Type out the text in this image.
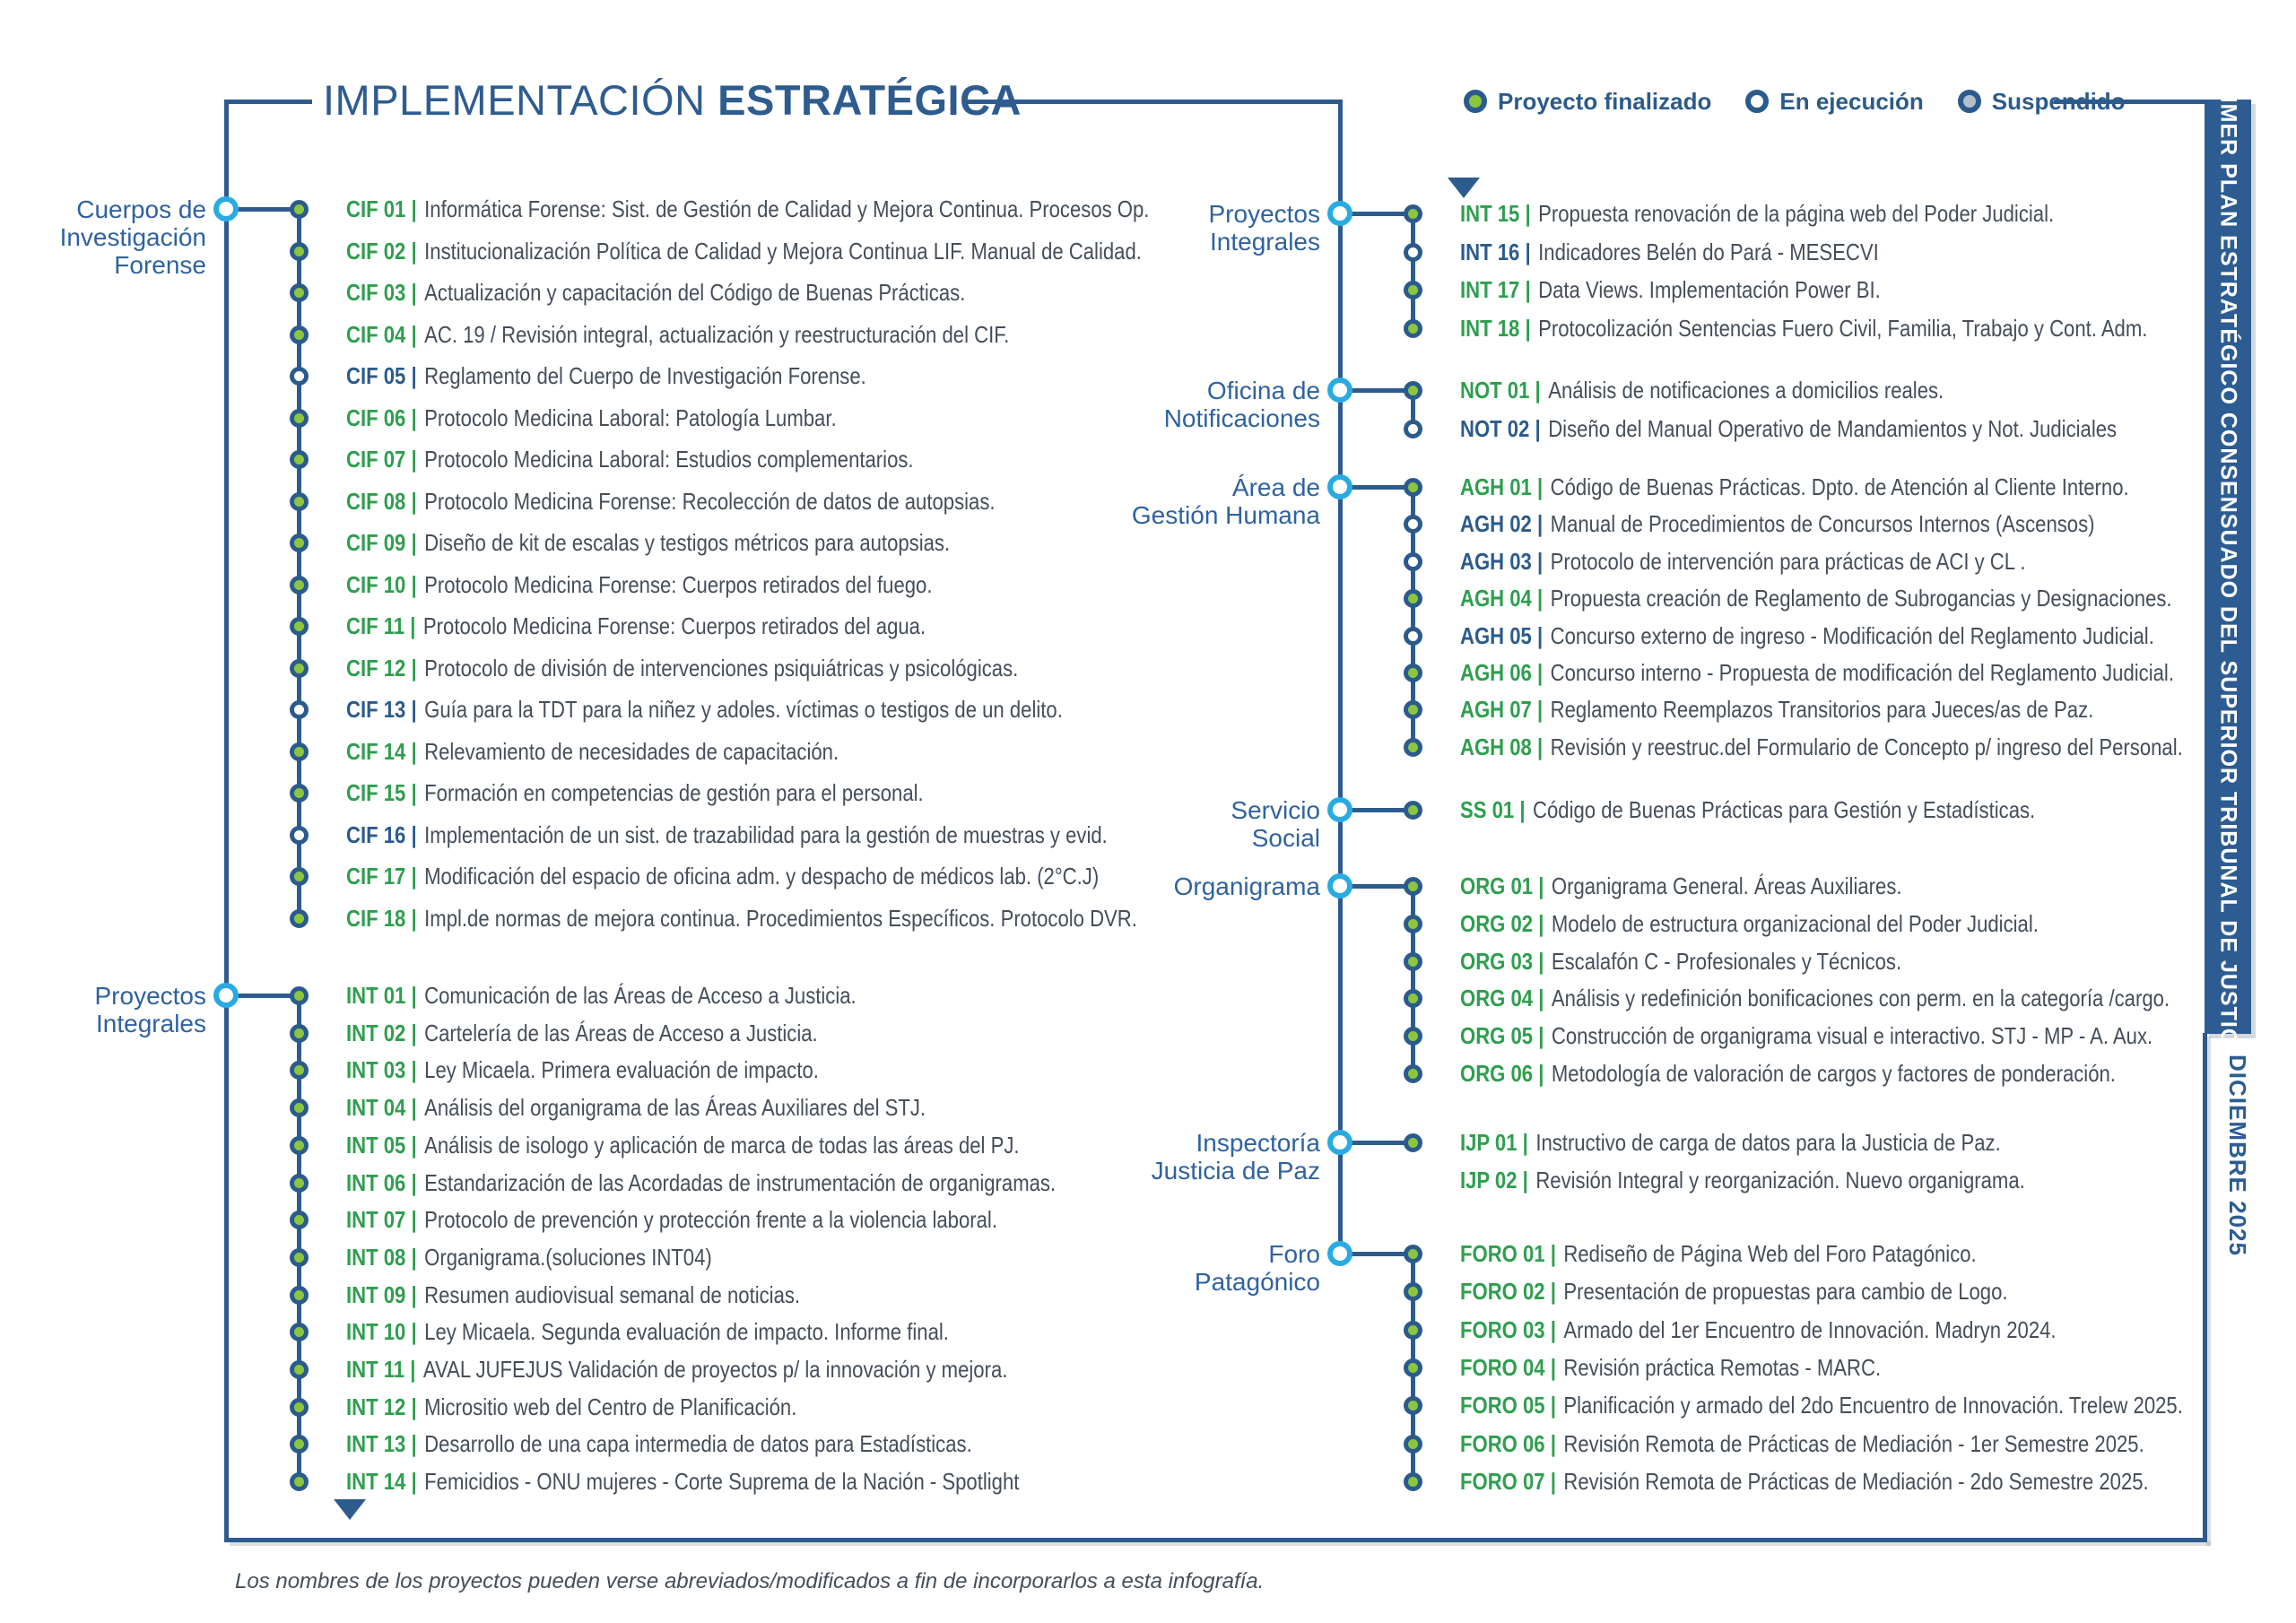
IMPLEMENTACIÓN ESTRATÉGICA	Proyecto finalizado	En ejecución	Suspendido	PRIMER PLAN ESTRATÉGICO CONSENSUADO DEL SUPERIOR TRIBUNAL DE JUSTICIA
DICIEMBRE 2025
Los nombres de los proyectos pueden verse abreviados/modificados a fin de incorporarlos a esta infografía.
Cuerpos de
Investigación
Forense
CIF 01 | Informática Forense: Sist. de Gestión de Calidad y Mejora Continua. Procesos Op.
CIF 02 | Institucionalización Política de Calidad y Mejora Continua LIF. Manual de Calidad.
CIF 03 | Actualización y capacitación del Código de Buenas Prácticas.
CIF 04 | AC. 19 / Revisión integral, actualización y reestructuración del CIF.
CIF 05 | Reglamento del Cuerpo de Investigación Forense.
CIF 06 | Protocolo Medicina Laboral: Patología Lumbar.
CIF 07 | Protocolo Medicina Laboral: Estudios complementarios.
CIF 08 | Protocolo Medicina Forense: Recolección de datos de autopsias.
CIF 09 | Diseño de kit de escalas y testigos métricos para autopsias.
CIF 10 | Protocolo Medicina Forense: Cuerpos retirados del fuego.
CIF 11 | Protocolo Medicina Forense: Cuerpos retirados del agua.
CIF 12 | Protocolo de división de intervenciones psiquiátricas y psicológicas.
CIF 13 | Guía para la TDT para la niñez y adoles. víctimas o testigos de un delito.
CIF 14 | Relevamiento de necesidades de capacitación.
CIF 15 | Formación en competencias de gestión para el personal.
CIF 16 | Implementación de un sist. de trazabilidad para la gestión de muestras y evid.
CIF 17 | Modificación del espacio de oficina adm. y despacho de médicos lab. (2°C.J)
CIF 18 | Impl.de normas de mejora continua. Procedimientos Específicos. Protocolo DVR.
Proyectos
Integrales
INT 01 | Comunicación de las Áreas de Acceso a Justicia.
INT 02 | Cartelería de las Áreas de Acceso a Justicia.
INT 03 | Ley Micaela. Primera evaluación de impacto.
INT 04 | Análisis del organigrama de las Áreas Auxiliares del STJ.
INT 05 | Análisis de isologo y aplicación de marca de todas las áreas del PJ.
INT 06 | Estandarización de las Acordadas de instrumentación de organigramas.
INT 07 | Protocolo de prevención y protección frente a la violencia laboral.
INT 08 | Organigrama.(soluciones INT04)
INT 09 | Resumen audiovisual semanal de noticias.
INT 10 | Ley Micaela. Segunda evaluación de impacto. Informe final.
INT 11 | AVAL JUFEJUS Validación de proyectos p/ la innovación y mejora.
INT 12 | Micrositio web del Centro de Planificación.
INT 13 | Desarrollo de una capa intermedia de datos para Estadísticas.
INT 14 | Femicidios - ONU mujeres - Corte Suprema de la Nación - Spotlight
Proyectos
Integrales
INT 15 | Propuesta renovación de la página web del Poder Judicial.
INT 16 | Indicadores Belén do Pará - MESECVI
INT 17 | Data Views. Implementación Power BI.
INT 18 | Protocolización Sentencias Fuero Civil, Familia, Trabajo y Cont. Adm.
Oficina de
Notificaciones
NOT 01 | Análisis de notificaciones a domicilios reales.
NOT 02 | Diseño del Manual Operativo de Mandamientos y Not. Judiciales
Área de
Gestión Humana
AGH 01 | Código de Buenas Prácticas. Dpto. de Atención al Cliente Interno.
AGH 02 | Manual de Procedimientos de Concursos Internos (Ascensos)
AGH 03 | Protocolo de intervención para prácticas de ACI y CL .
AGH 04 | Propuesta creación de Reglamento de Subrogancias y Designaciones.
AGH 05 | Concurso externo de ingreso - Modificación del Reglamento Judicial.
AGH 06 | Concurso interno - Propuesta de modificación del Reglamento Judicial.
AGH 07 | Reglamento Reemplazos Transitorios para Jueces/as de Paz.
AGH 08 | Revisión y reestruc.del Formulario de Concepto p/ ingreso del Personal.
Servicio
Social
SS 01 | Código de Buenas Prácticas para Gestión y Estadísticas.
Organigrama	ORG 01 | Organigrama General. Áreas Auxiliares.
ORG 02 | Modelo de estructura organizacional del Poder Judicial.
ORG 03 | Escalafón C - Profesionales y Técnicos.
ORG 04 | Análisis y redefinición bonificaciones con perm. en la categoría /cargo.
ORG 05 | Construcción de organigrama visual e interactivo. STJ - MP - A. Aux.
ORG 06 | Metodología de valoración de cargos y factores de ponderación.
Inspectoría
Justicia de Paz
IJP 01 | Instructivo de carga de datos para la Justicia de Paz.
IJP 02 | Revisión Integral y reorganización. Nuevo organigrama.
Foro
Patagónico
FORO 01 | Rediseño de Página Web del Foro Patagónico.
FORO 02 | Presentación de propuestas para cambio de Logo.
FORO 03 | Armado del 1er Encuentro de Innovación. Madryn 2024.
FORO 04 | Revisión práctica Remotas - MARC.
FORO 05 | Planificación y armado del 2do Encuentro de Innovación. Trelew 2025.
FORO 06 | Revisión Remota de Prácticas de Mediación - 1er Semestre 2025.
FORO 07 | Revisión Remota de Prácticas de Mediación - 2do Semestre 2025.
